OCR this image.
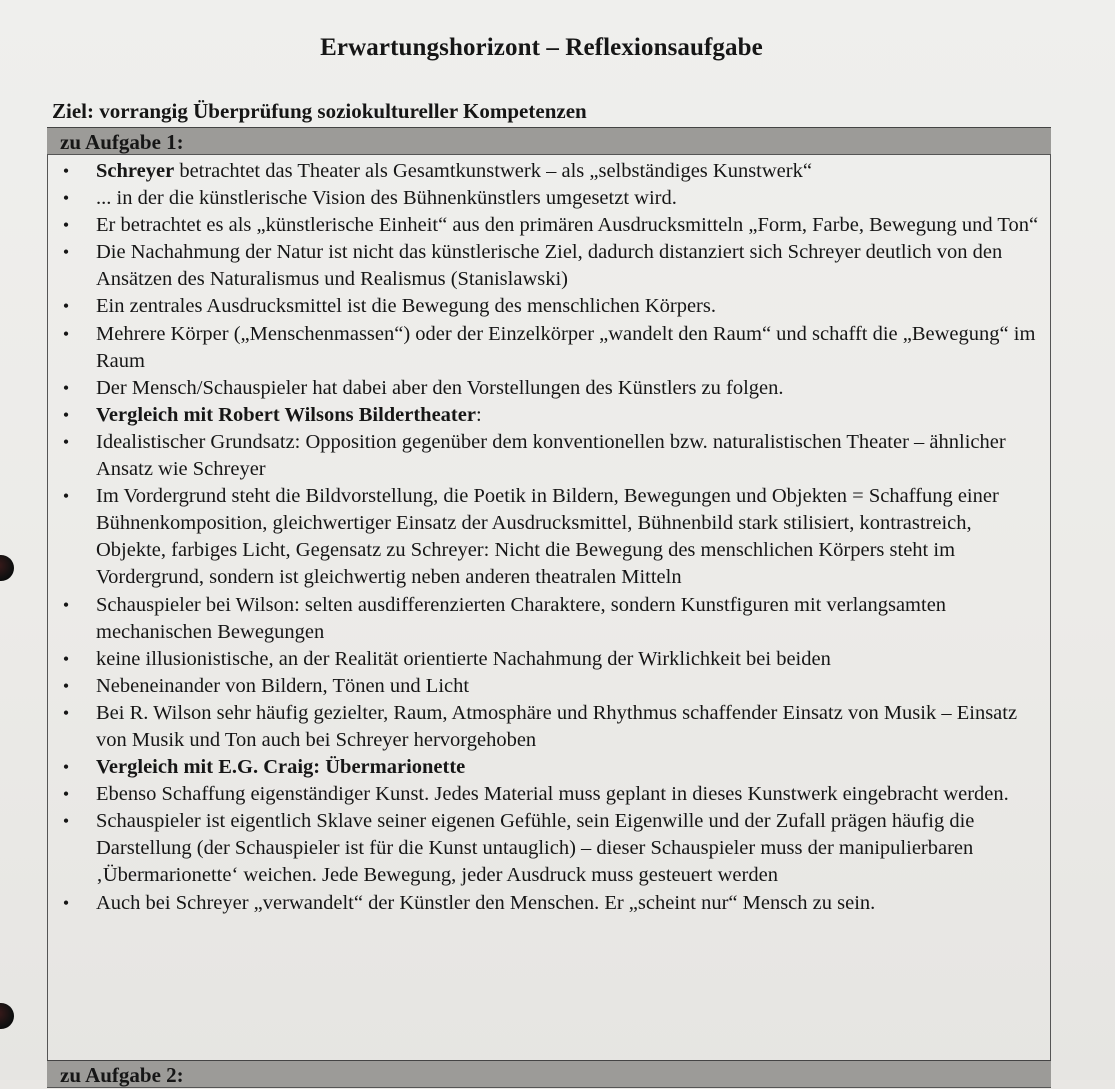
Erwartungshorizont – Reflexionsaufgabe
Ziel: vorrangig Überprüfung soziokultureller Kompetenzen
zu Aufgabe 1:
• Schreyer betrachtet das Theater als Gesamtkunstwerk – als „selbständiges Kunstwerk“
• ... in der die künstlerische Vision des Bühnenkünstlers umgesetzt wird.
• Er betrachtet es als „künstlerische Einheit“ aus den primären Ausdrucksmitteln „Form, Farbe, Bewegung und Ton“
• Die Nachahmung der Natur ist nicht das künstlerische Ziel, dadurch distanziert sich Schreyer deutlich von den Ansätzen des Naturalismus und Realismus (Stanislawski)
• Ein zentrales Ausdrucksmittel ist die Bewegung des menschlichen Körpers.
• Mehrere Körper („Menschenmassen“) oder der Einzelkörper „wandelt den Raum“ und schafft die „Bewegung“ im Raum
• Der Mensch/Schauspieler hat dabei aber den Vorstellungen des Künstlers zu folgen.
• Vergleich mit Robert Wilsons Bildertheater:
• Idealistischer Grundsatz: Opposition gegenüber dem konventionellen bzw. naturalistischen Theater – ähnlicher Ansatz wie Schreyer
• Im Vordergrund steht die Bildvorstellung, die Poetik in Bildern, Bewegungen und Objekten = Schaffung einer Bühnenkomposition, gleichwertiger Einsatz der Ausdrucksmittel, Bühnenbild stark stilisiert, kontrastreich, Objekte, farbiges Licht, Gegensatz zu Schreyer: Nicht die Bewegung des menschlichen Körpers steht im Vordergrund, sondern ist gleichwertig neben anderen theatralen Mitteln
• Schauspieler bei Wilson: selten ausdifferenzierten Charaktere, sondern Kunstfiguren mit verlangsamten mechanischen Bewegungen
• keine illusionistische, an der Realität orientierte Nachahmung der Wirklichkeit bei beiden
• Nebeneinander von Bildern, Tönen und Licht
• Bei R. Wilson sehr häufig gezielter, Raum, Atmosphäre und Rhythmus schaffender Einsatz von Musik – Einsatz von Musik und Ton auch bei Schreyer hervorgehoben
• Vergleich mit E.G. Craig: Übermarionette
• Ebenso Schaffung eigenständiger Kunst. Jedes Material muss geplant in dieses Kunstwerk eingebracht werden.
• Schauspieler ist eigentlich Sklave seiner eigenen Gefühle, sein Eigenwille und der Zufall prägen häufig die Darstellung (der Schauspieler ist für die Kunst untauglich) – dieser Schauspieler muss der manipulierbaren ‚Übermarionette‘ weichen. Jede Bewegung, jeder Ausdruck muss gesteuert werden
• Auch bei Schreyer „verwandelt“ der Künstler den Menschen. Er „scheint nur“ Mensch zu sein.
zu Aufgabe 2:
